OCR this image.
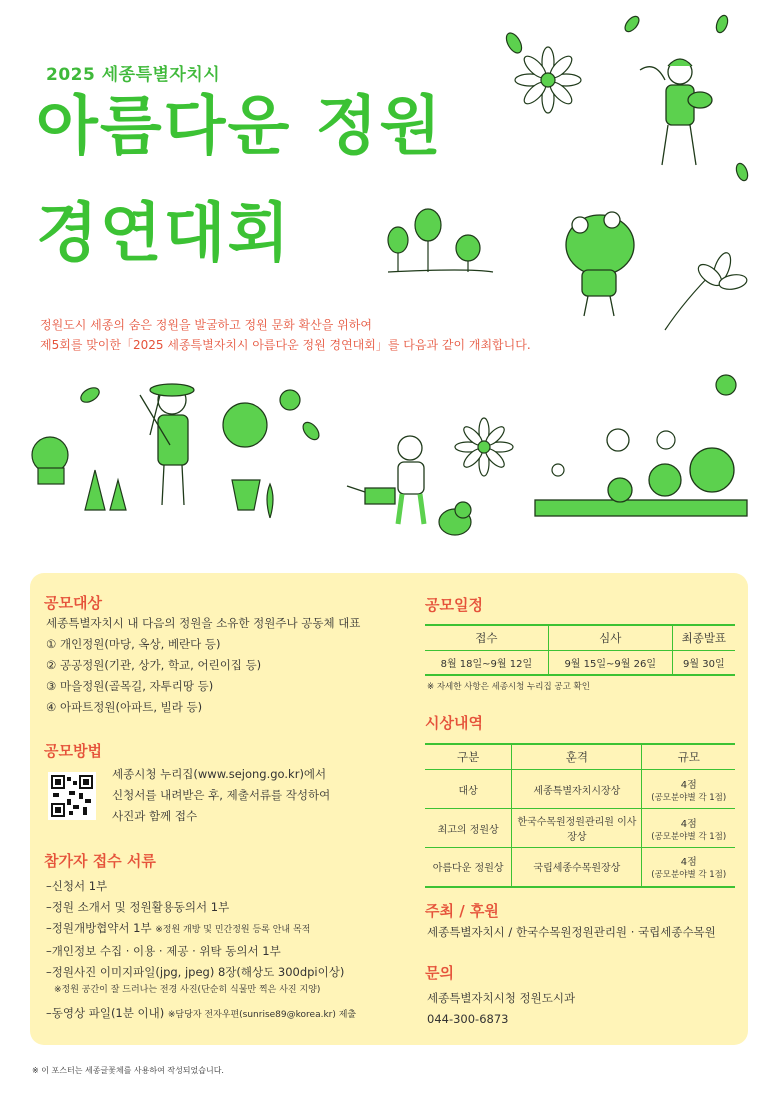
2025 세종특별자치시
아름다운 정원
경연대회
정원도시 세종의 숨은 정원을 발굴하고 정원 문화 확산을 위하여
제5회를 맞이한「2025 세종특별자치시 아름다운 정원 경연대회」를 다음과 같이 개최합니다.
공모대상
세종특별자치시 내 다음의 정원을 소유한 정원주나 공동체 대표
① 개인정원(마당, 옥상, 베란다 등)
② 공공정원(기관, 상가, 학교, 어린이집 등)
③ 마을정원(골목길, 자투리땅 등)
④ 아파트정원(아파트, 빌라 등)
공모방법
세종시청 누리집(www.sejong.go.kr)에서
신청서를 내려받은 후, 제출서류를 작성하여
사진과 함께 접수
참가자 접수 서류
–신청서 1부
–정원 소개서 및 정원활용동의서 1부
–정원개방협약서 1부 ※정원 개방 및 민간정원 등록 안내 목적
–개인정보 수집 · 이용 · 제공 · 위탁 동의서 1부
–정원사진 이미지파일(jpg, jpeg) 8장(해상도 300dpi이상)
※정원 공간이 잘 드러나는 전경 사진(단순히 식물만 찍은 사진 지양)
–동영상 파일(1분 이내) ※담당자 전자우편(sunrise89@korea.kr) 제출
공모일정
접수	심사	최종발표
8월 18일~9월 12일	9월 15일~9월 26일	9월 30일
※ 자세한 사항은 세종시청 누리집 공고 확인
시상내역
구분	훈격	규모
대상	세종특별자치시장상	4점
(공모분야별 각 1점)

최고의 정원상	한국수목원정원관리원 이사장상	4점
(공모분야별 각 1점)

아름다운 정원상	국립세종수목원장상	4점
(공모분야별 각 1점)
주최 / 후원
세종특별자치시 / 한국수목원정원관리원 · 국립세종수목원
문의
세종특별자치시청 정원도시과
044-300-6873
※ 이 포스터는 세종글꽃체를 사용하여 작성되었습니다.
